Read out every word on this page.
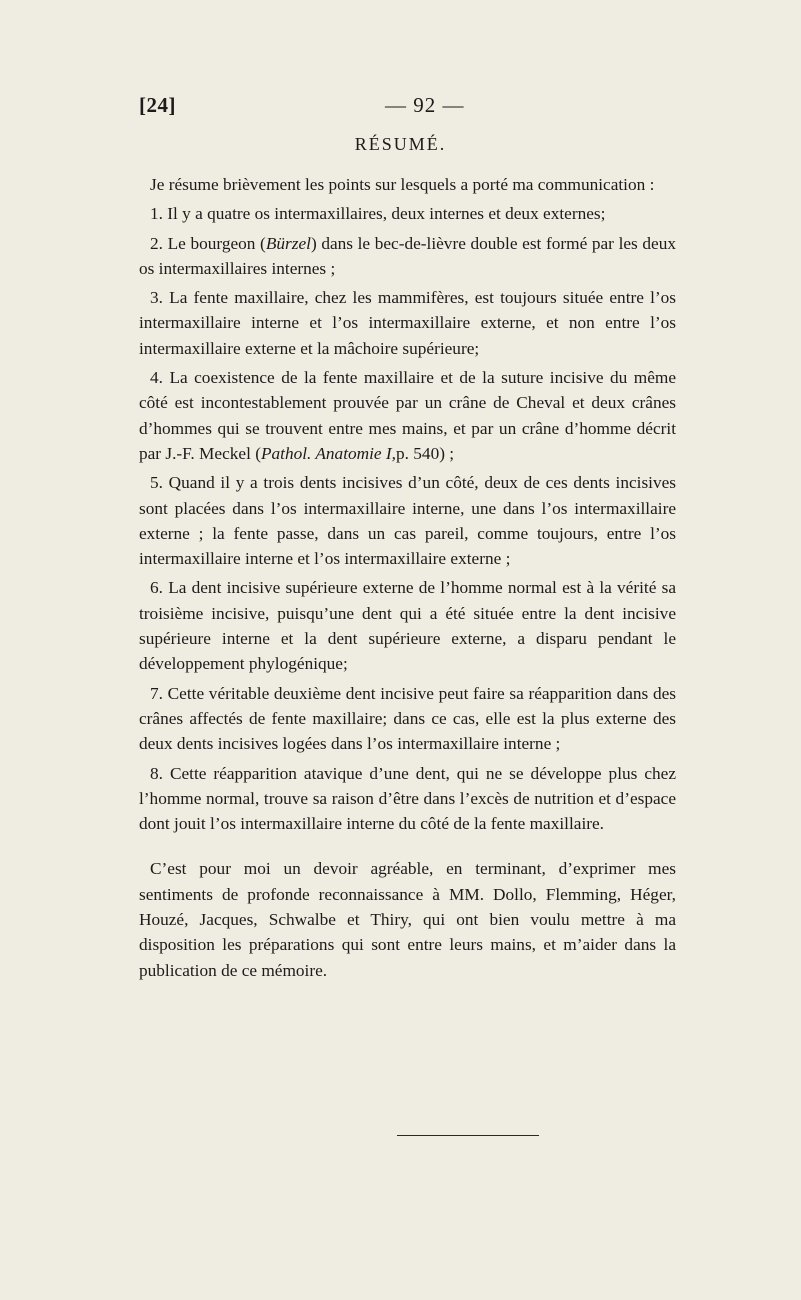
[24]	— 92 —
RÉSUMÉ.

Je résume brièvement les points sur lesquels a porté ma communication :

1. Il y a quatre os intermaxillaires, deux internes et deux externes;

2. Le bourgeon (Bürzel) dans le bec-de-lièvre double est formé par les deux os intermaxillaires internes ;

3. La fente maxillaire, chez les mammifères, est toujours située entre l’os intermaxillaire interne et l’os intermaxillaire externe, et non entre l’os intermaxillaire externe et la mâchoire supérieure;

4. La coexistence de la fente maxillaire et de la suture incisive du même côté est incontestablement prouvée par un crâne de Cheval et deux crânes d’hommes qui se trouvent entre mes mains, et par un crâne d’homme décrit par J.-F. Meckel (Pathol. Anatomie I,p. 540) ;

5. Quand il y a trois dents incisives d’un côté, deux de ces dents incisives sont placées dans l’os intermaxillaire interne, une dans l’os intermaxillaire externe ; la fente passe, dans un cas pareil, comme toujours, entre l’os intermaxillaire interne et l’os intermaxillaire externe ;

6. La dent incisive supérieure externe de l’homme normal est à la vérité sa troisième incisive, puisqu’une dent qui a été située entre la dent incisive supérieure interne et la dent supérieure externe, a disparu pendant le développement phylogénique;

7. Cette véritable deuxième dent incisive peut faire sa réapparition dans des crânes affectés de fente maxillaire; dans ce cas, elle est la plus externe des deux dents incisives logées dans l’os intermaxillaire interne ;

8. Cette réapparition atavique d’une dent, qui ne se développe plus chez l’homme normal, trouve sa raison d’être dans l’excès de nutrition et d’espace dont jouit l’os intermaxillaire interne du côté de la fente maxillaire.

C’est pour moi un devoir agréable, en terminant, d’exprimer mes sentiments de profonde reconnaissance à MM. Dollo, Flemming, Héger, Houzé, Jacques, Schwalbe et Thiry, qui ont bien voulu mettre à ma disposition les préparations qui sont entre leurs mains, et m’aider dans la publication de ce mémoire.
